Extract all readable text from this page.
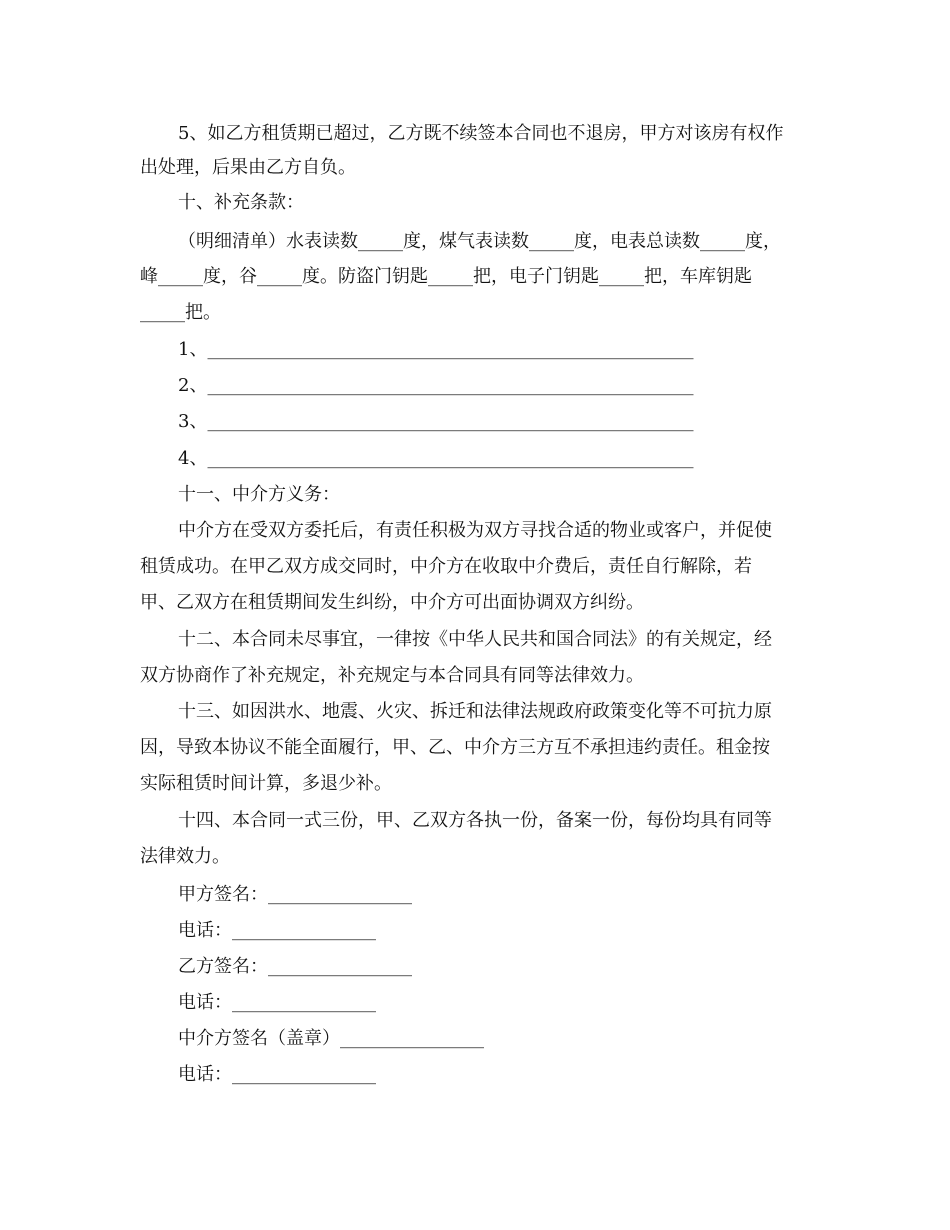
5、如乙方租赁期已超过，乙方既不续签本合同也不退房，甲方对该房有权作
出处理，后果由乙方自负。
十、补充条款：
（明细清单）水表读数_____度，煤气表读数_____度，电表总读数_____度，
峰_____度，谷_____度。防盗门钥匙_____把，电子门钥匙_____把，车库钥匙
_____把。
1、______________________________________________________
2、______________________________________________________
3、______________________________________________________
4、______________________________________________________
十一、中介方义务：
中介方在受双方委托后，有责任积极为双方寻找合适的物业或客户，并促使
租赁成功。在甲乙双方成交同时，中介方在收取中介费后，责任自行解除，若
甲、乙双方在租赁期间发生纠纷，中介方可出面协调双方纠纷。
十二、本合同未尽事宜，一律按《中华人民共和国合同法》的有关规定，经
双方协商作了补充规定，补充规定与本合同具有同等法律效力。
十三、如因洪水、地震、火灾、拆迁和法律法规政府政策变化等不可抗力原
因，导致本协议不能全面履行，甲、乙、中介方三方互不承担违约责任。租金按
实际租赁时间计算，多退少补。
十四、本合同一式三份，甲、乙双方各执一份，备案一份，每份均具有同等
法律效力。
甲方签名：________________
电话：________________
乙方签名：________________
电话：________________
中介方签名（盖章）________________
电话：________________
